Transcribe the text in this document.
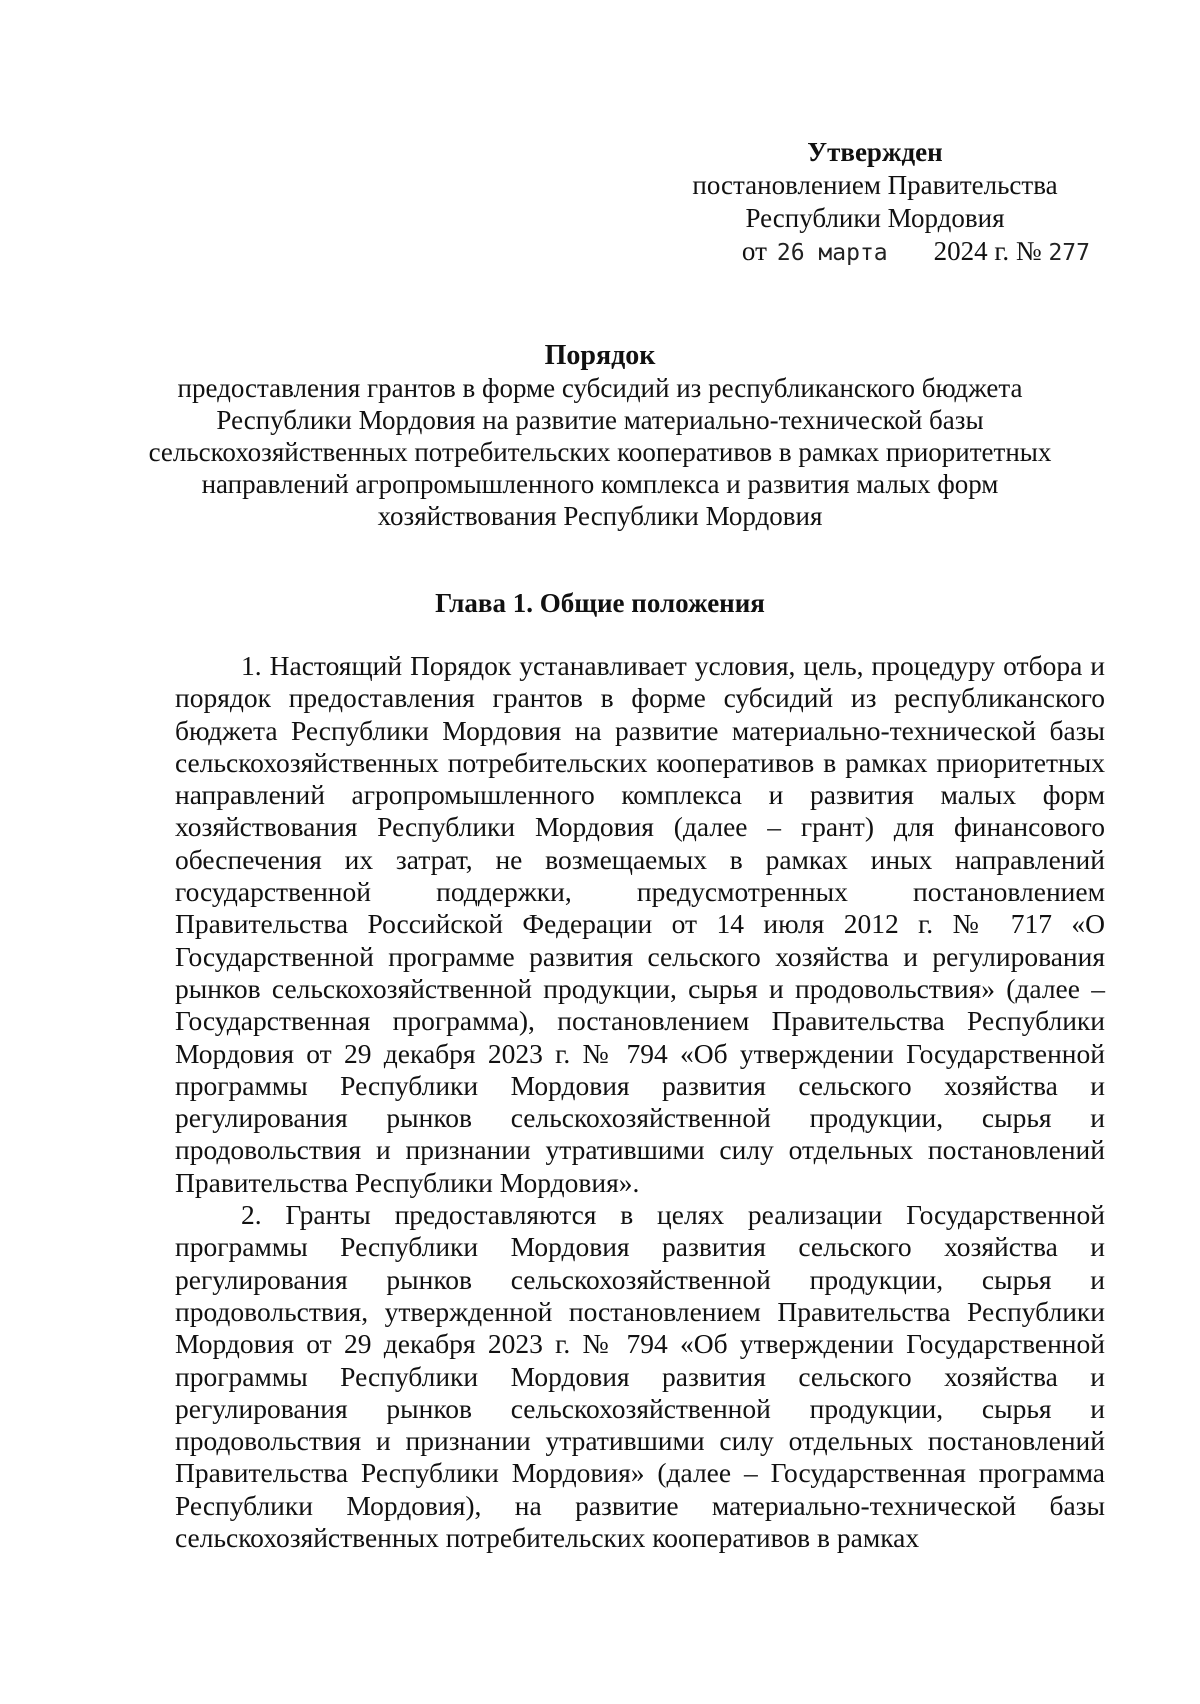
Утвержден
постановлением Правительства
Республики Мордовия
от 26 марта 2024 г. № 277
Порядок
предоставления грантов в форме субсидий из республиканского бюджета Республики Мордовия на развитие материально-технической базы сельскохозяйственных потребительских кооперативов в рамках приоритетных направлений агропромышленного комплекса и развития малых форм хозяйствования Республики Мордовия
Глава 1. Общие положения

1. Настоящий Порядок устанавливает условия, цель, процедуру отбора и порядок предоставления грантов в форме субсидий из республиканского бюджета Республики Мордовия на развитие материально-технической базы сельскохозяйственных потребительских кооперативов в рамках приоритетных направлений агропромышленного комплекса и развития малых форм хозяйствования Республики Мордовия (далее – грант) для финансового обеспечения их затрат, не возмещаемых в рамках иных направлений государственной поддержки, предусмотренных постановлением Правительства Российской Федерации от 14 июля 2012 г. № 717 «О Государственной программе развития сельского хозяйства и регулирования рынков сельскохозяйственной продукции, сырья и продовольствия» (далее – Государственная программа), постановлением Правительства Республики Мордовия от 29 декабря 2023 г. № 794 «Об утверждении Государственной программы Республики Мордовия развития сельского хозяйства и регулирования рынков сельскохозяйственной продукции, сырья и продовольствия и признании утратившими силу отдельных постановлений Правительства Республики Мордовия».

2. Гранты предоставляются в целях реализации Государственной программы Республики Мордовия развития сельского хозяйства и регулирования рынков сельскохозяйственной продукции, сырья и продовольствия, утвержденной постановлением Правительства Республики Мордовия от 29 декабря 2023 г. № 794 «Об утверждении Государственной программы Республики Мордовия развития сельского хозяйства и регулирования рынков сельскохозяйственной продукции, сырья и продовольствия и признании утратившими силу отдельных постановлений Правительства Республики Мордовия» (далее – Государственная программа Республики Мордовия), на развитие материально-технической базы сельскохозяйственных потребительских кооперативов в рамках
